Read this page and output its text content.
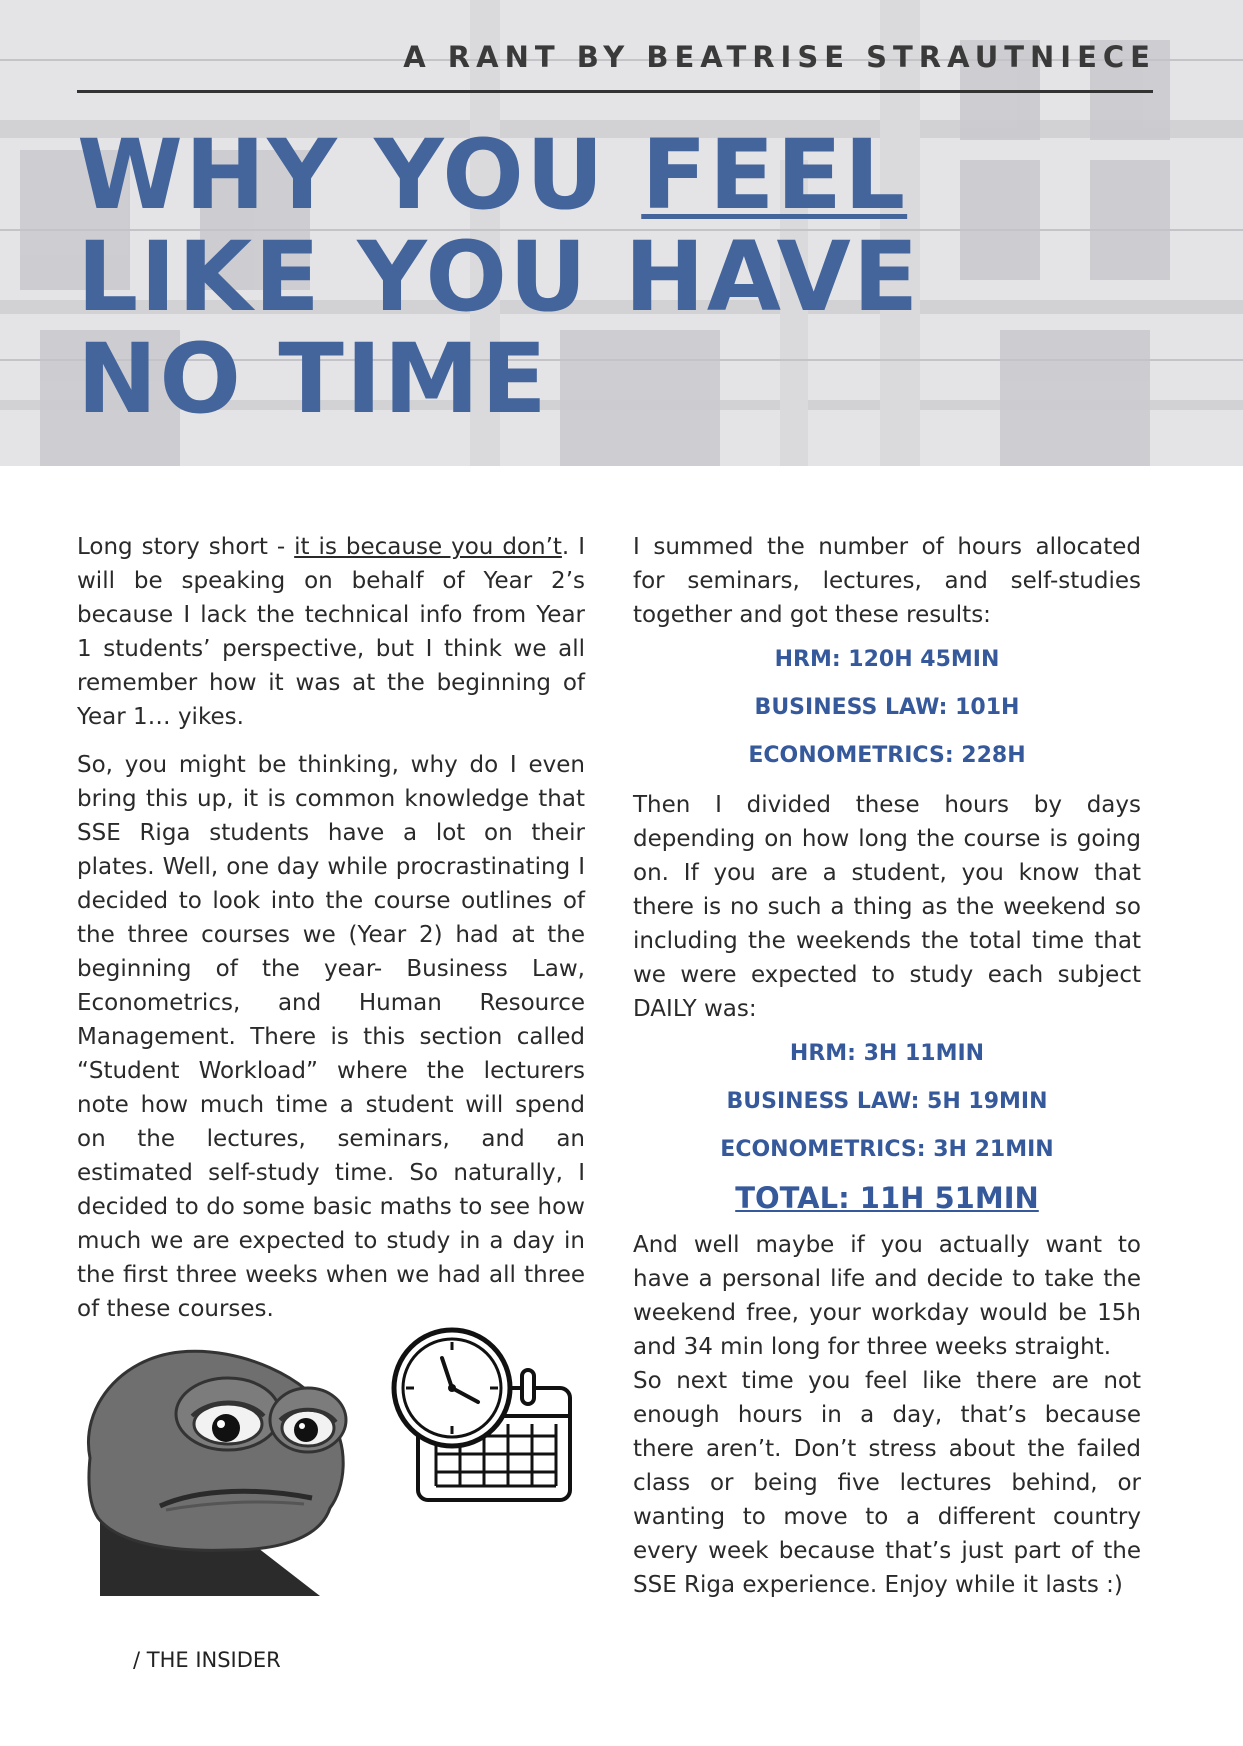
A RANT BY BEATRISE STRAUTNIECE
WHY YOU FEEL
LIKE YOU HAVE
NO TIME

Long story short - it is because you don’t. I will be speaking on behalf of Year 2’s because I lack the technical info from Year 1 students’ perspective, but I think we all remember how it was at the beginning of Year 1… yikes.

So, you might be thinking, why do I even bring this up, it is common knowledge that SSE Riga students have a lot on their plates. Well, one day while procrastinating I decided to look into the course outlines of the three courses we (Year 2) had at the beginning of the year- Business Law, Econometrics, and Human Resource Management. There is this section called “Student Workload” where the lecturers note how much time a student will spend on the lectures, seminars, and an estimated self-study time. So naturally, I decided to do some basic maths to see how much we are expected to study in a day in the first three weeks when we had all three of these courses.

I summed the number of hours allocated for seminars, lectures, and self-studies together and got these results:

HRM: 120H 45MIN
BUSINESS LAW: 101H
ECONOMETRICS: 228H

Then I divided these hours by days depending on how long the course is going on. If you are a student, you know that there is no such a thing as the weekend so including the weekends the total time that we were expected to study each subject DAILY was:

HRM: 3H 11MIN
BUSINESS LAW: 5H 19MIN
ECONOMETRICS: 3H 21MIN
TOTAL: 11H 51MIN

And well maybe if you actually want to have a personal life and decide to take the weekend free, your workday would be 15h and 34 min long for three weeks straight.

So next time you feel like there are not enough hours in a day, that’s because there aren’t. Don’t stress about the failed class or being five lectures behind, or wanting to move to a different country every week because that’s just part of the SSE Riga experience. Enjoy while it lasts :)

/ THE INSIDER
